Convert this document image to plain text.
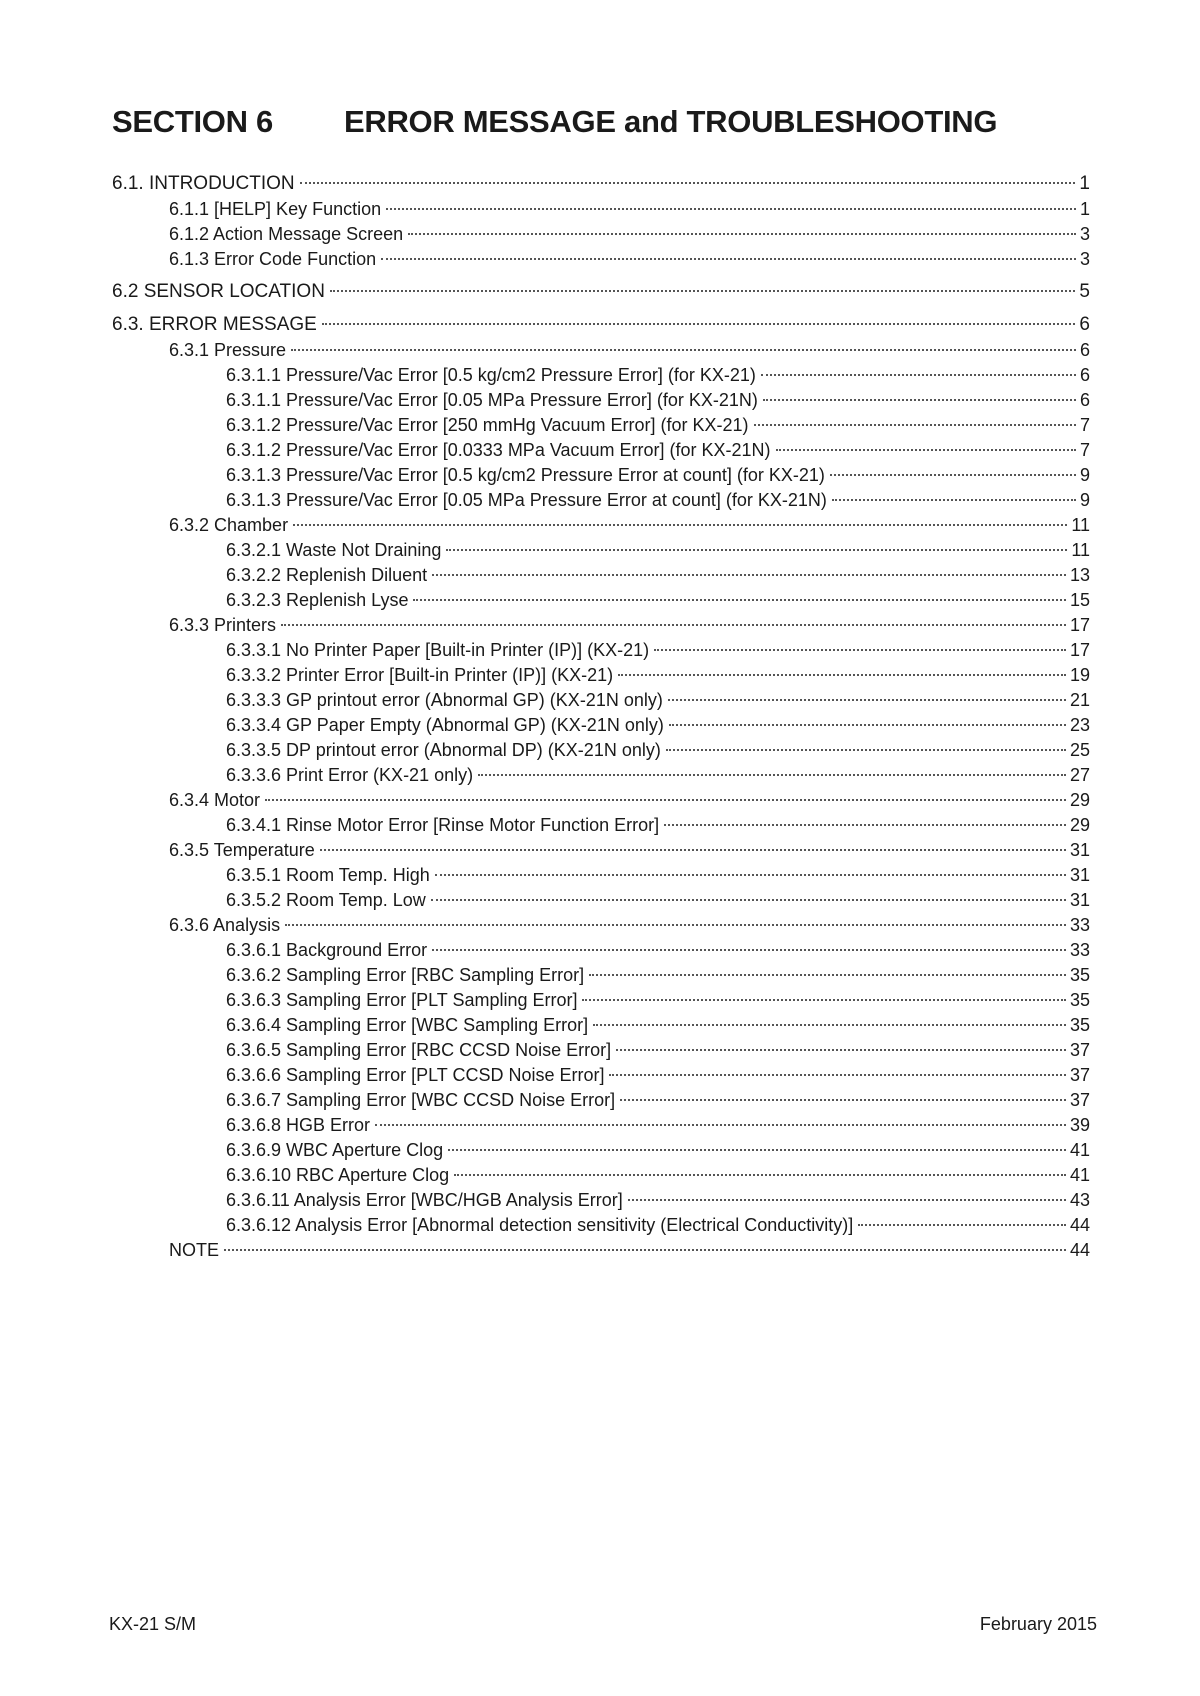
SECTION 6 ERROR MESSAGE and TROUBLESHOOTING
6.1. INTRODUCTION	1
6.1.1 [HELP] Key Function	1
6.1.2 Action Message Screen	3
6.1.3 Error Code Function	3
6.2 SENSOR LOCATION	5
6.3. ERROR MESSAGE	6
6.3.1 Pressure	6
6.3.1.1 Pressure/Vac Error [0.5 kg/cm2 Pressure Error] (for KX-21)	6
6.3.1.1 Pressure/Vac Error [0.05 MPa Pressure Error] (for KX-21N)	6
6.3.1.2 Pressure/Vac Error [250 mmHg Vacuum Error] (for KX-21)	7
6.3.1.2 Pressure/Vac Error [0.0333 MPa Vacuum Error] (for KX-21N)	7
6.3.1.3 Pressure/Vac Error [0.5 kg/cm2 Pressure Error at count] (for KX-21)	9
6.3.1.3 Pressure/Vac Error [0.05 MPa Pressure Error at count] (for KX-21N)	9
6.3.2 Chamber	11
6.3.2.1 Waste Not Draining	11
6.3.2.2 Replenish Diluent	13
6.3.2.3 Replenish Lyse	15
6.3.3 Printers	17
6.3.3.1 No Printer Paper [Built-in Printer (IP)] (KX-21)	17
6.3.3.2 Printer Error [Built-in Printer (IP)] (KX-21)	19
6.3.3.3 GP printout error (Abnormal GP) (KX-21N only)	21
6.3.3.4 GP Paper Empty (Abnormal GP) (KX-21N only)	23
6.3.3.5 DP printout error (Abnormal DP) (KX-21N only)	25
6.3.3.6 Print Error (KX-21 only)	27
6.3.4 Motor	29
6.3.4.1 Rinse Motor Error [Rinse Motor Function Error]	29
6.3.5 Temperature	31
6.3.5.1 Room Temp. High	31
6.3.5.2 Room Temp. Low	31
6.3.6 Analysis	33
6.3.6.1 Background Error	33
6.3.6.2 Sampling Error [RBC Sampling Error]	35
6.3.6.3 Sampling Error [PLT Sampling Error]	35
6.3.6.4 Sampling Error [WBC Sampling Error]	35
6.3.6.5 Sampling Error [RBC CCSD Noise Error]	37
6.3.6.6 Sampling Error [PLT CCSD Noise Error]	37
6.3.6.7 Sampling Error [WBC CCSD Noise Error]	37
6.3.6.8 HGB Error	39
6.3.6.9 WBC Aperture Clog	41
6.3.6.10 RBC Aperture Clog	41
6.3.6.11 Analysis Error [WBC/HGB Analysis Error]	43
6.3.6.12 Analysis Error [Abnormal detection sensitivity (Electrical Conductivity)]	44
NOTE	44
KX-21 S/M	February 2015
